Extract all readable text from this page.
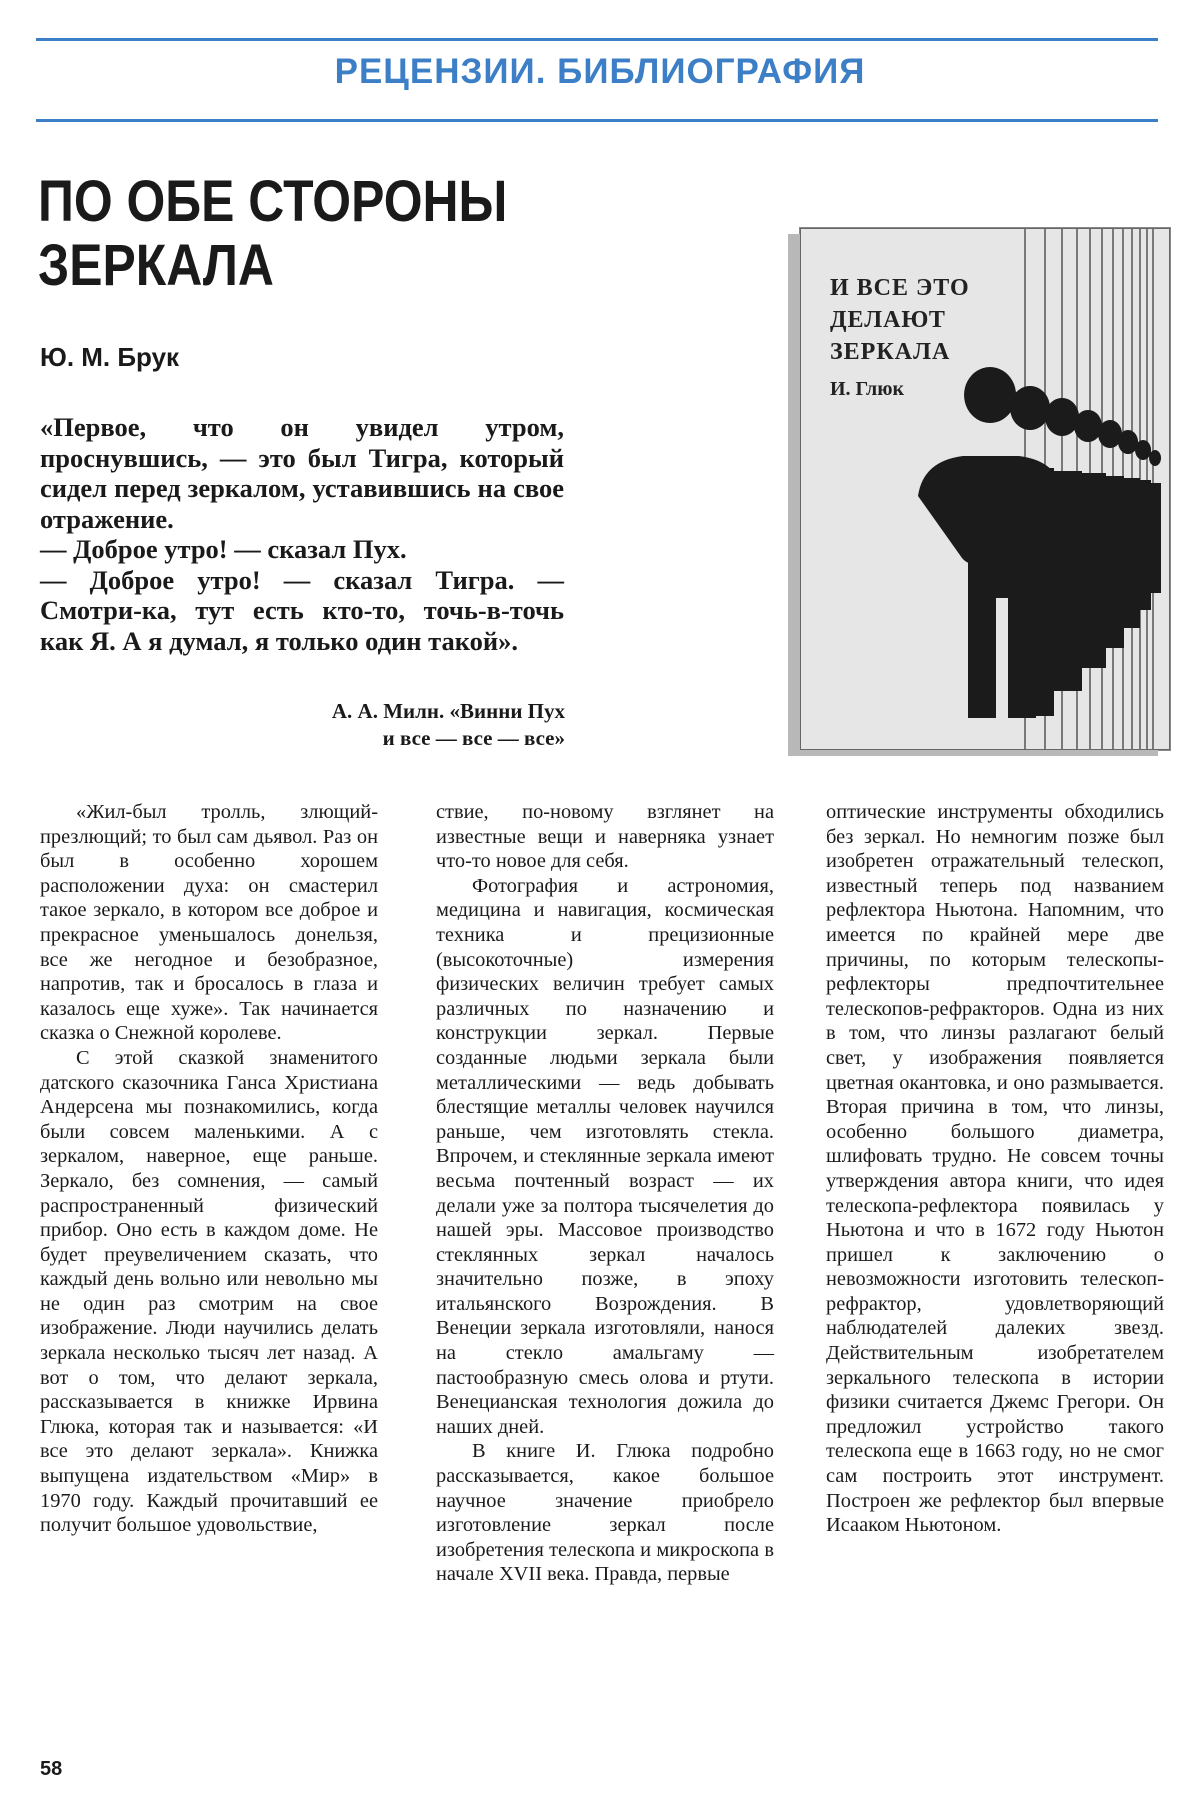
РЕЦЕНЗИИ. БИБЛИОГРАФИЯ
ПО ОБЕ СТОРОНЫ
ЗЕРКАЛА
Ю. М. Брук

«Первое, что он увидел утром, проснувшись, — это был Тигра, который сидел перед зеркалом, уставившись на свое отражение.

— Доброе утро! — сказал Пух.

— Доброе утро! — сказал Тигра. — Смотри-ка, тут есть кто-то, точь-в-точь как Я. А я думал, я только один такой».

А. А. Милн. «Винни Пух
и все — все — все»
И ВСЕ ЭТО
ДЕЛАЮТ
ЗЕРКАЛА
И. Глюк

«Жил-был тролль, злющий-презлющий; то был сам дьявол. Раз он был в особенно хорошем расположении духа: он смастерил такое зеркало, в котором все доброе и прекрасное уменьшалось донельзя, все же негодное и безобразное, напротив, так и бросалось в глаза и казалось еще хуже». Так начинается сказка о Снежной королеве.

С этой сказкой знаменитого датского сказочника Ганса Христиана Андерсена мы познакомились, когда были совсем маленькими. А с зеркалом, наверное, еще раньше. Зеркало, без сомнения, — самый распространенный физический прибор. Оно есть в каждом доме. Не будет преувеличением сказать, что каждый день вольно или невольно мы не один раз смотрим на свое изображение. Люди научились делать зеркала несколько тысяч лет назад. А вот о том, что делают зеркала, рассказывается в книжке Ирвина Глюка, которая так и называется: «И все это делают зеркала». Книжка выпущена издательством «Мир» в 1970 году. Каждый прочитавший ее получит большое удовольствие,

ствие, по-новому взглянет на известные вещи и наверняка узнает что-то новое для себя.

Фотография и астрономия, медицина и навигация, космическая техника и прецизионные (высокоточные) измерения физических величин требует самых различных по назначению и конструкции зеркал. Первые созданные людьми зеркала были металлическими — ведь добывать блестящие металлы человек научился раньше, чем изготовлять стекла. Впрочем, и стеклянные зеркала имеют весьма почтенный возраст — их делали уже за полтора тысячелетия до нашей эры. Массовое производство стеклянных зеркал началось значительно позже, в эпоху итальянского Возрождения. В Венеции зеркала изготовляли, нанося на стекло амальгаму — пастообразную смесь олова и ртути. Венецианская технология дожила до наших дней.

В книге И. Глюка подробно рассказывается, какое большое научное значение приобрело изготовление зеркал после изобретения телескопа и микроскопа в начале XVII века. Правда, первые

оптические инструменты обходились без зеркал. Но немногим позже был изобретен отражательный телескоп, известный теперь под названием рефлектора Ньютона. Напомним, что имеется по крайней мере две причины, по которым телескопы-рефлекторы предпочтительнее телескопов-рефракторов. Одна из них в том, что линзы разлагают белый свет, у изображения появляется цветная окантовка, и оно размывается. Вторая причина в том, что линзы, особенно большого диаметра, шлифовать трудно. Не совсем точны утверждения автора книги, что идея телескопа-рефлектора появилась у Ньютона и что в 1672 году Ньютон пришел к заключению о невозможности изготовить телескоп-рефрактор, удовлетворяющий наблюдателей далеких звезд. Действительным изобретателем зеркального телескопа в истории физики считается Джемс Грегори. Он предложил устройство такого телескопа еще в 1663 году, но не смог сам построить этот инструмент. Построен же рефлектор был впервые Исааком Ньютоном.

58
